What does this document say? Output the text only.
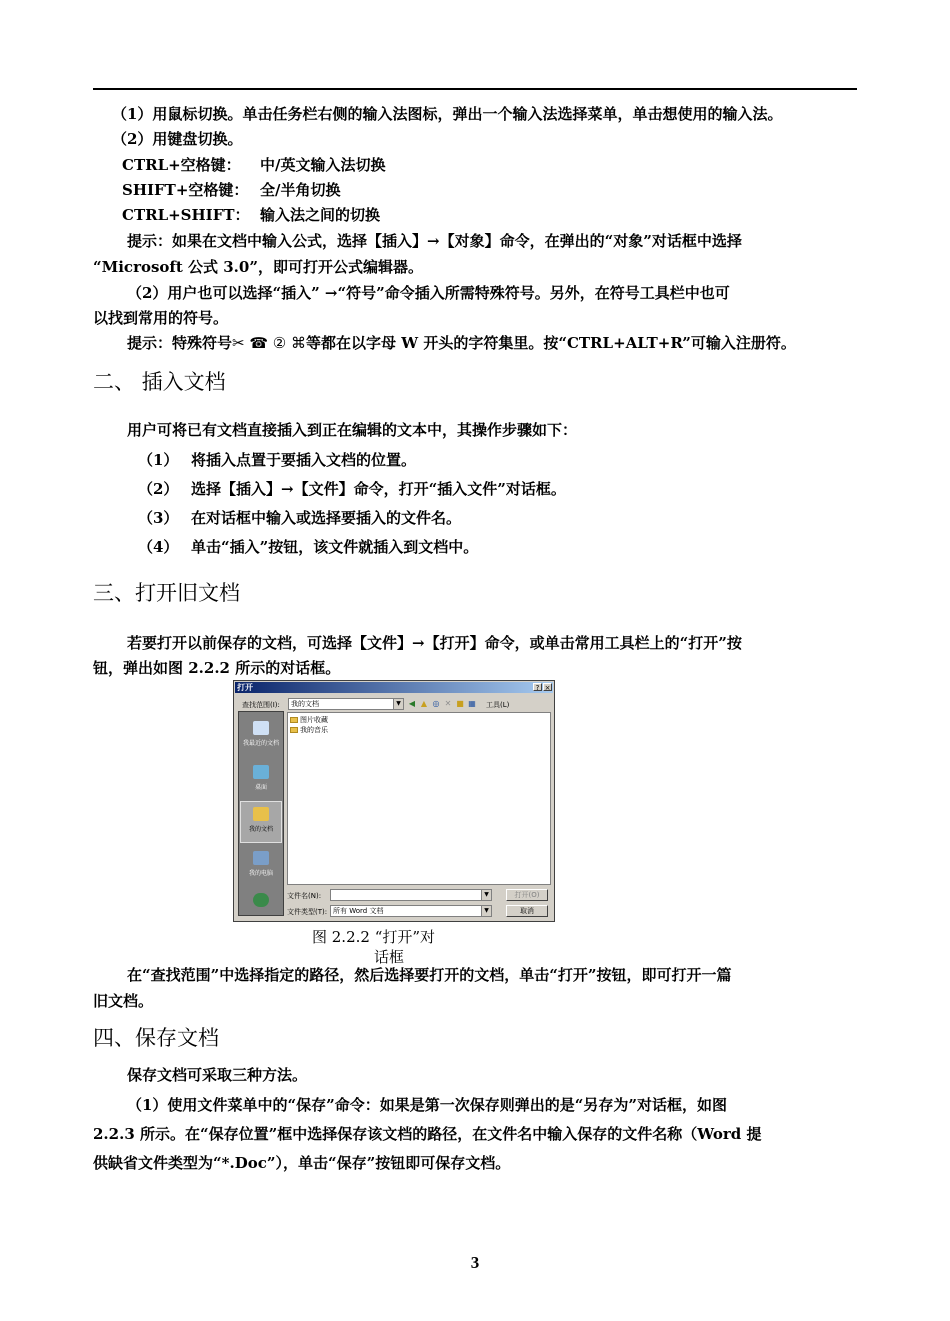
（1）用鼠标切换。单击任务栏右侧的输入法图标，弹出一个输入法选择菜单，单击想使用的输入法。
（2）用键盘切换。
CTRL+空格键： 中/英文输入法切换
SHIFT+空格键： 全/半角切换
CTRL+SHIFT： 输入法之间的切换
提示：如果在文档中输入公式，选择【插入】→【对象】命令，在弹出的“对象”对话框中选择
“Microsoft 公式 3.0”，即可打开公式编辑器。
（2）用户也可以选择“插入” →“符号”命令插入所需特殊符号。另外，在符号工具栏中也可
以找到常用的符号。
提示：特殊符号✂ ☎ ② ⌘等都在以字母 W 开头的字符集里。按“CTRL+ALT+R”可输入注册符。
二、 插入文档
用户可将已有文档直接插入到正在编辑的文本中，其操作步骤如下：
（1） 将插入点置于要插入文档的位置。
（2） 选择【插入】→【文件】命令，打开“插入文件”对话框。
（3） 在对话框中输入或选择要插入的文件名。
（4） 单击“插入”按钮，该文件就插入到文档中。
三、打开旧文档
若要打开以前保存的文档，可选择【文件】→【打开】命令，或单击常用工具栏上的“打开”按
钮，弹出如图 2.2.2 所示的对话框。
打开	? ×
查找范围(I):	我的文档	▼ ◀ ▲ ◎ ✕ ■ ▦ 工具(L)
我最近的文档
桌面
我的文档
我的电脑
图片收藏
我的音乐
文件名(N):	▼	打开(O)
文件类型(T): 所有 Word 文档	▼	取消
图 2.2.2 “打开”对
话框
在“查找范围”中选择指定的路径，然后选择要打开的文档，单击“打开”按钮，即可打开一篇
旧文档。
四、保存文档
保存文档可采取三种方法。
（1）使用文件菜单中的“保存”命令：如果是第一次保存则弹出的是“另存为”对话框，如图
2.2.3 所示。在“保存位置”框中选择保存该文档的路径，在文件名中输入保存的文件名称（Word 提
供缺省文件类型为“*.Doc”），单击“保存”按钮即可保存文档。
3
